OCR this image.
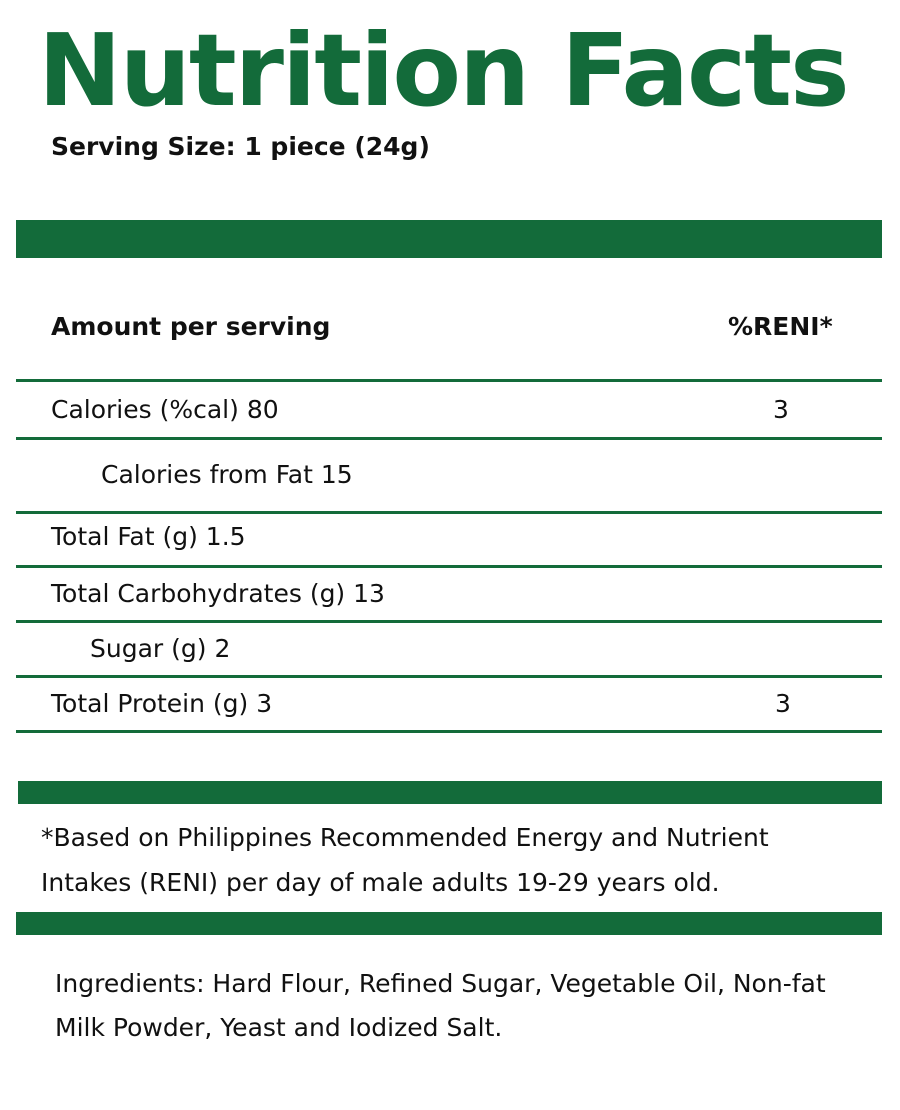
Nutrition Facts
Serving Size: 1 piece (24g)
Amount per serving	%RENI*
Calories (%cal) 80	3
Calories from Fat 15
Total Fat (g) 1.5
Total Carbohydrates (g) 13
Sugar (g) 2
Total Protein (g) 3	3
*Based on Philippines Recommended Energy and Nutrient Intakes (RENI) per day of male adults 19-29 years old.
Ingredients: Hard Flour, Refined Sugar, Vegetable Oil, Non-fat Milk Powder, Yeast and Iodized Salt.
